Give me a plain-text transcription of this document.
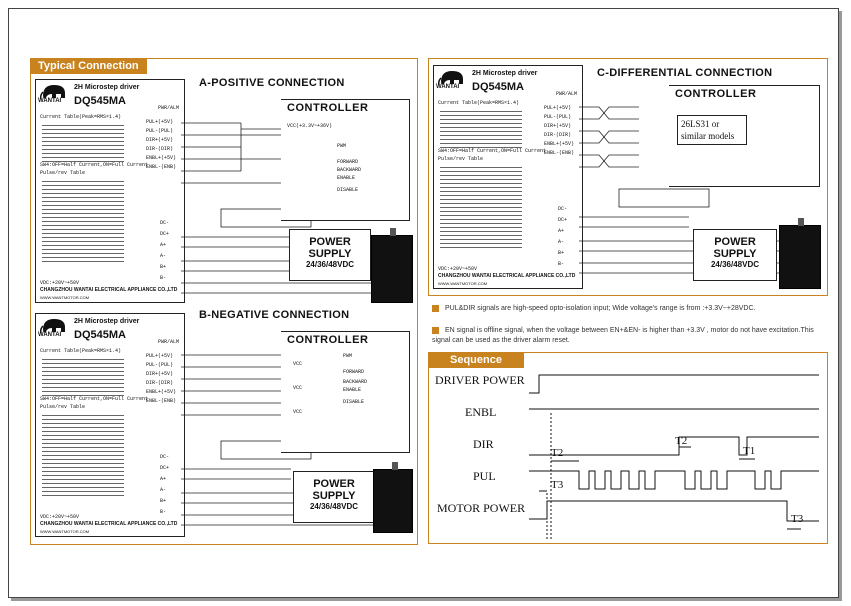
Typical Connection
A-POSITIVE CONNECTION
WANTAI
2H Microstep driver
DQ545MA
Current Table(Peak=RMS×1.4)
SW4:OFF=Half Current,ON=Full Current
Pulse/rev Table
VDC:+20V~+50V
CHANGZHOU WANTAI ELECTRICAL APPLIANCE CO.,LTD
WWW.WANTMOTOR.COM
PWR/ALM
PUL+(+5V)
PUL-(PUL)
DIR+(+5V)
DIR-(DIR)
ENBL+(+5V)
ENBL-(ENB)
DC-
DC+
A+
A-
B+
B-
CONTROLLER
VCC(+3.3V~+36V)
PWM
FORWARD
BACKWARD
ENABLE
DISABLE
POWER
SUPPLY
24/36/48VDC
B-NEGATIVE CONNECTION
WANTAI
2H Microstep driver
DQ545MA
Current Table(Peak=RMS×1.4)
SW4:OFF=Half Current,ON=Full Current
Pulse/rev Table
VDC:+20V~+50V
CHANGZHOU WANTAI ELECTRICAL APPLIANCE CO.,LTD
WWW.WANTMOTOR.COM
PWR/ALM
PUL+(+5V)
PUL-(PUL)
DIR+(+5V)
DIR-(DIR)
ENBL+(+5V)
ENBL-(ENB)
DC-
DC+
A+
A-
B+
B-
CONTROLLER
VCC
VCC
VCC
PWM
FORWARD
BACKWARD
ENABLE
DISABLE
POWER
SUPPLY
24/36/48VDC
C-DIFFERENTIAL CONNECTION
WANTAI
2H Microstep driver
DQ545MA
Current Table(Peak=RMS×1.4)
SW4:OFF=Half Current,ON=Full Current
Pulse/rev Table
VDC:+20V~+50V
CHANGZHOU WANTAI ELECTRICAL APPLIANCE CO.,LTD
WWW.WANTMOTOR.COM
PWR/ALM
PUL+(+5V)
PUL-(PUL)
DIR+(+5V)
DIR-(DIR)
ENBL+(+5V)
ENBL-(ENB)
DC-
DC+
A+
A-
B+
B-
CONTROLLER
26LS31 or
similar models
POWER
SUPPLY
24/36/48VDC
PUL&DIR signals are high-speed opto-isolation input; Wide voltage's range is from :+3.3V~+28VDC.
EN signal is offline signal, when the voltage between EN+&EN- is higher than +3.3V , motor do not have excitation.This signal can be used as the driver alarm reset.
Sequence
DRIVER POWER
ENBL
DIR
PUL
MOTOR POWER
T2
T2
T1
T3
T3
